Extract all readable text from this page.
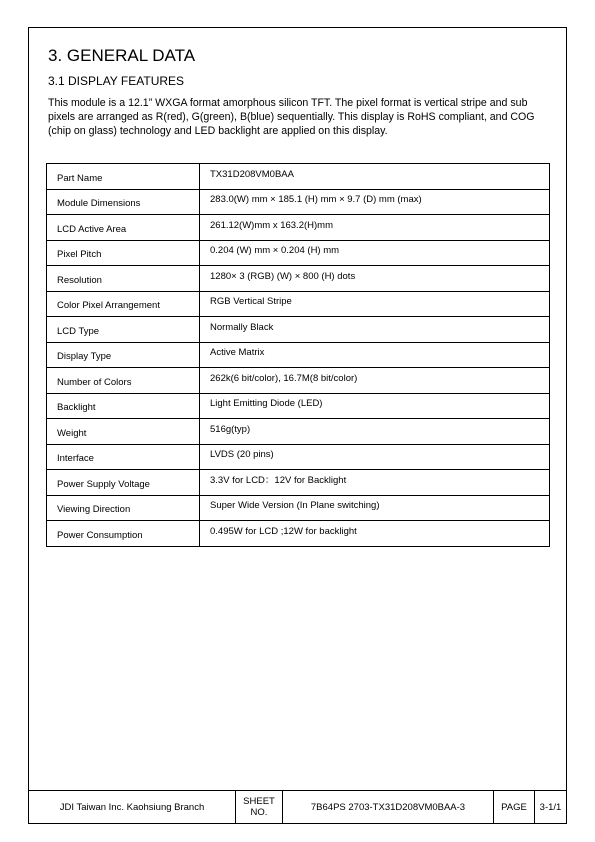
3. GENERAL DATA
3.1 DISPLAY FEATURES
This module is a 12.1” WXGA format amorphous silicon TFT. The pixel format is vertical stripe and sub pixels are arranged as R(red), G(green), B(blue) sequentially. This display is RoHS compliant, and COG (chip on glass) technology and LED backlight are applied on this display.
Part Name	TX31D208VM0BAA
Module Dimensions	283.0(W) mm × 185.1 (H) mm × 9.7 (D) mm (max)
LCD Active Area	261.12(W)mm x 163.2(H)mm
Pixel Pitch	0.204 (W) mm × 0.204 (H) mm
Resolution	1280× 3 (RGB) (W) × 800 (H) dots
Color Pixel Arrangement	RGB Vertical Stripe
LCD Type	Normally Black
Display Type	Active Matrix
Number of Colors	262k(6 bit/color), 16.7M(8 bit/color)
Backlight	Light Emitting Diode (LED)
Weight	516g(typ)
Interface	LVDS (20 pins)
Power Supply Voltage	3.3V for LCD：12V for Backlight
Viewing Direction	Super Wide Version (In Plane switching)
Power Consumption	0.495W for LCD ;12W for backlight
JDI Taiwan Inc. Kaohsiung Branch	SHEET
NO.	7B64PS 2703-TX31D208VM0BAA-3	PAGE	3-1/1
